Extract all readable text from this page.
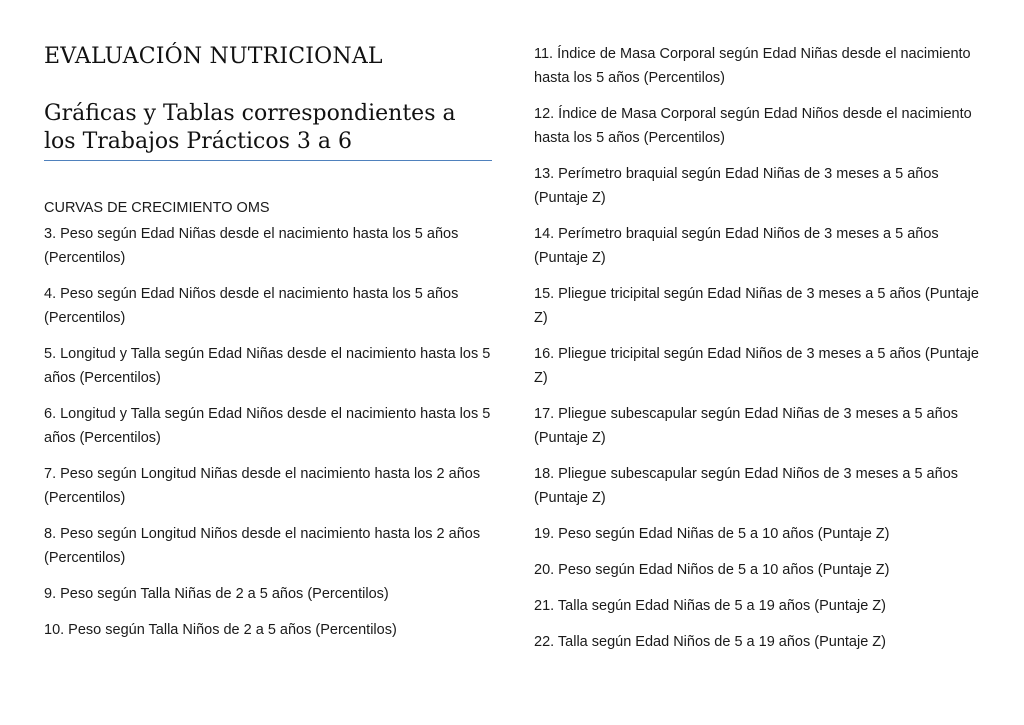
EVALUACIÓN NUTRICIONAL
Gráficas y Tablas correspondientes a los Trabajos Prácticos 3 a 6

CURVAS DE CRECIMIENTO OMS

3. Peso según Edad Niñas desde el nacimiento hasta los 5 años (Percentilos)

4. Peso según Edad Niños desde el nacimiento hasta los 5 años (Percentilos)

5. Longitud y Talla según Edad Niñas desde el nacimiento hasta los 5 años (Percentilos)

6. Longitud y Talla según Edad Niños desde el nacimiento hasta los 5 años (Percentilos)

7. Peso según Longitud Niñas desde el nacimiento hasta los 2 años (Percentilos)

8. Peso según Longitud Niños desde el nacimiento hasta los 2 años (Percentilos)

9. Peso según Talla Niñas de 2 a 5 años (Percentilos)

10. Peso según Talla Niños de 2 a 5 años (Percentilos)

11. Índice de Masa Corporal según Edad Niñas desde el nacimiento hasta los 5 años (Percentilos)

12. Índice de Masa Corporal según Edad Niños desde el nacimiento hasta los 5 años (Percentilos)

13. Perímetro braquial según Edad Niñas de 3 meses a 5 años (Puntaje Z)

14. Perímetro braquial según Edad Niños de 3 meses a 5 años (Puntaje Z)

15. Pliegue tricipital según Edad Niñas de 3 meses a 5 años (Puntaje Z)

16. Pliegue tricipital según Edad Niños de 3 meses a 5 años (Puntaje Z)

17. Pliegue subescapular según Edad Niñas de 3 meses a 5 años (Puntaje Z)

18. Pliegue subescapular según Edad Niños de 3 meses a 5 años (Puntaje Z)

19. Peso según Edad Niñas de 5 a 10 años (Puntaje Z)

20. Peso según Edad Niños de 5 a 10 años (Puntaje Z)

21. Talla según Edad Niñas de 5 a 19 años (Puntaje Z)

22. Talla según Edad Niños de 5 a 19 años (Puntaje Z)
